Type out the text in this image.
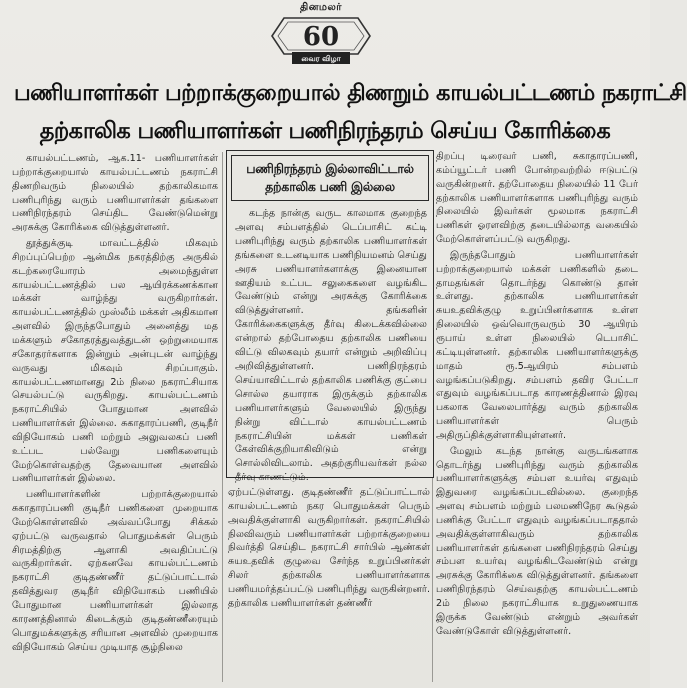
தினமலர்
60
வைர விழா
பணியாளர்கள் பற்றாக்குறையால் திணறும் காயல்பட்டணம் நகராட்சி
தற்காலிக பணியாளர்கள் பணிநிரந்தரம் செய்ய கோரிக்கை

காயல்பட்டணம், ஆக.11- பணியாளர்கள் பற்றாக்குறையால் காயல்பட்டணம் நகராட்சி திணறிவரும் நிலையில் தற்காலிகமாக பணிபுரிந்து வரும் பணியாளர்கள் தங்களை பணிநிரந்தரம் செய்திட வேண்டுமென்று அரசுக்கு கோரிக்கை விடுத்துள்ளனர்.

தூத்துக்குடி மாவட்டத்தில் மிகவும் சிறப்புப்பெற்ற ஆன்மிக நகரத்திற்கு அருகில் கடற்கரையோரம் அமைந்துள்ள காயல்பட்டணத்தில் பல ஆயிரக்கணக்கான மக்கள் வாழ்ந்து வருகிறார்கள். காயல்பட்டணத்தில் முஸ்லீம் மக்கள் அதிகமான அளவில் இருந்தபோதும் அனைத்து மத மக்களும் சகோதரத்துவத்துடன் ஒற்றுமையாக சகோதரர்களாக இன்றும் அன்புடன் வாழ்ந்து வருவது மிகவும் சிறப்பாகும். காயல்பட்டணமானது 2ம் நிலை நகராட்சியாக செயல்பட்டு வருகிறது. காயல்பட்டணம் நகராட்சியில் போதுமான அளவில் பணியாளர்கள் இல்லை. சுகாதாரப்பணி, குடிநீர் விநியோகம் பணி மற்றும் அலுவலகப் பணி உட்பட பல்வேறு பணிகளையும் மேற்கொள்வதற்கு தேவையான அளவில் பணியாளர்கள் இல்லை.

பணியாளர்களின் பற்றாக்குறையால் சுகாதாரப்பணி குடிநீர் பணிகளை முறையாக மேற்கொள்ளவில் அவ்வப்போது சிக்கல் ஏற்பட்டு வருவதால் பொதுமக்கள் பெரும் சிரமத்திற்கு ஆளாகி அவதிப்பட்டு வருகிறார்கள். ஏற்கனவே காயல்பட்டணம் நகராட்சி குடிதண்ணீர் தட்டுப்பாட்டால் தவித்துவர குடிநீர் விநியோகம் பணியில் போதுமான பணியாளர்கள் இல்லாத காரணத்தினால் கிடைக்கும் குடிதண்ணீரையும் பொதுமக்களுக்கு சரியான அளவில் முறையாக விநியோகம் செய்ய முடியாத சூழ்நிலை

பணிநிரந்தரம் இல்லாவிட்டால்
தற்காலிக பணி இல்லை

கடந்த நான்கு வருட காலமாக குறைந்த அளவு சம்பளத்தில் டெப்பாசிட் கட்டி பணிபுரிந்து வரும் தற்காலிக பணியாளர்கள் தங்களை உடனடியாக பணிநியமனம் செய்து அரசு பணியாளர்களாக்கு இனையான ஊதியம் உட்பட சலுகைகளை வழங்கிட வேண்டும் என்று அரசுக்கு கோரிக்கை விடுத்துள்ளனர். தங்களின் கோரிக்கைகளுக்கு தீர்வு கிடைக்கவில்லை என்றால் தற்போதைய தற்காலிக பணியை விட்டு விலகவும் தயார் என்றும் அறிவிப்பு அறிவித்துள்ளனர். பணிநிரந்தரம் செய்யாவிட்டால் தற்காலிக பணிக்கு குட்பை சொல்ல தயாராக இருக்கும் தற்காலிக பணியாளர்களும் வேலையில் இருந்து நின்று விட்டால் காயல்பட்டணம் நகராட்சியின் மக்கள் பணிகள் கேள்விக்குறியாகிவிடும் என்று சொல்லிவிடலாம். அதற்குரியவர்கள் நல்ல தீர்வு காணட்டும்.

ஏற்பட்டுள்ளது. குடிதண்ணீர் தட்டுப்பாட்டால் காயல்பட்டணம் நகர பொதுமக்கள் பெரும் அவதிக்குள்ளாகி வருகிறார்கள். நகராட்சியில் நிலவிவரும் பணியாளர்கள் பற்றாக்குறையை நிவர்த்தி செய்திட நகராட்சி சார்பில் ஆண்கள் சுயஉதவிக் குழுவை சேர்ந்த உறுப்பினர்கள் சிலர் தற்காலிக பணியாளர்களாக பணியமர்த்தப்பட்டு பணிபுரிந்து வருகின்றனர். தற்காலிக பணியாளர்கள் தண்ணீர்

திறப்பு டிரைவர் பணி, சுகாதாரப்பணி, கம்ப்யூட்டர் பணி போன்றவற்றில் ஈடுபட்டு வருகின்றனர். தற்போதைய நிலையில் 11 பேர் தற்காலிக பணியாளர்களாக பணிபுரிந்து வரும் நிலையில் இவர்கள் மூலமாக நகராட்சி பணிகள் ஓரளவிற்கு தடையில்லாத வகையில் மேற்கொள்ளப்பட்டு வருகிறது.

இருந்தபோதும் பணியாளர்கள் பற்றாக்குறையால் மக்கள் பணிகளில் தடை தாமதங்கள் தொடர்ந்து கொண்டு தான் உள்ளது. தற்காலிக பணியாளர்கள் சுயஉதவிக்குழு உறுப்பினர்களாக உள்ள நிலையில் ஒவ்வொருவரும் 30 ஆயிரம் ரூபாய் உள்ள நிலையில் டெபாசிட் கட்டியுள்ளனர். தற்காலிக பணியாளர்களுக்கு மாதம் ரூ.5ஆயிரம் சம்பளம் வழங்கப்படுகிறது. சம்பளம் தவிர பேட்டா எதுவும் வழங்கப்படாத காரணத்தினால் இரவு பகலாக வேலைபார்த்து வரும் தற்காலிக பணியாளர்கள் பெரும் அதிருப்திக்குள்ளாகியுள்ளனர்.

மேலும் கடந்த நான்கு வருடங்களாக தொடர்ந்து பணிபுரிந்து வரும் தற்காலிக பணியாளர்களுக்கு சம்பள உயர்வு எதுவும் இதுவரை வழங்கப்படவில்லை. குறைந்த அளவு சம்பளம் மற்றும் பலமணிநேர கூடுதல் பணிக்கு பேட்டா எதுவும் வழங்கப்படாததால் அவதிக்குள்ளாகிவரும் தற்காலிக பணியாளர்கள் தங்களை பணிநிரந்தரம் செய்து சம்பள உயர்வு வழங்கிடவேண்டும் என்று அரசுக்கு கோரிக்கை விடுத்துள்ளனர். தங்களை பணிநிரந்தரம் செய்வதற்கு காயல்பட்டணம் 2ம் நிலை நகராட்சியாக உறுதுணையாக இருக்க வேண்டும் என்றும் அவர்கள் வேண்டுகோள் விடுத்துள்ளனர்.
